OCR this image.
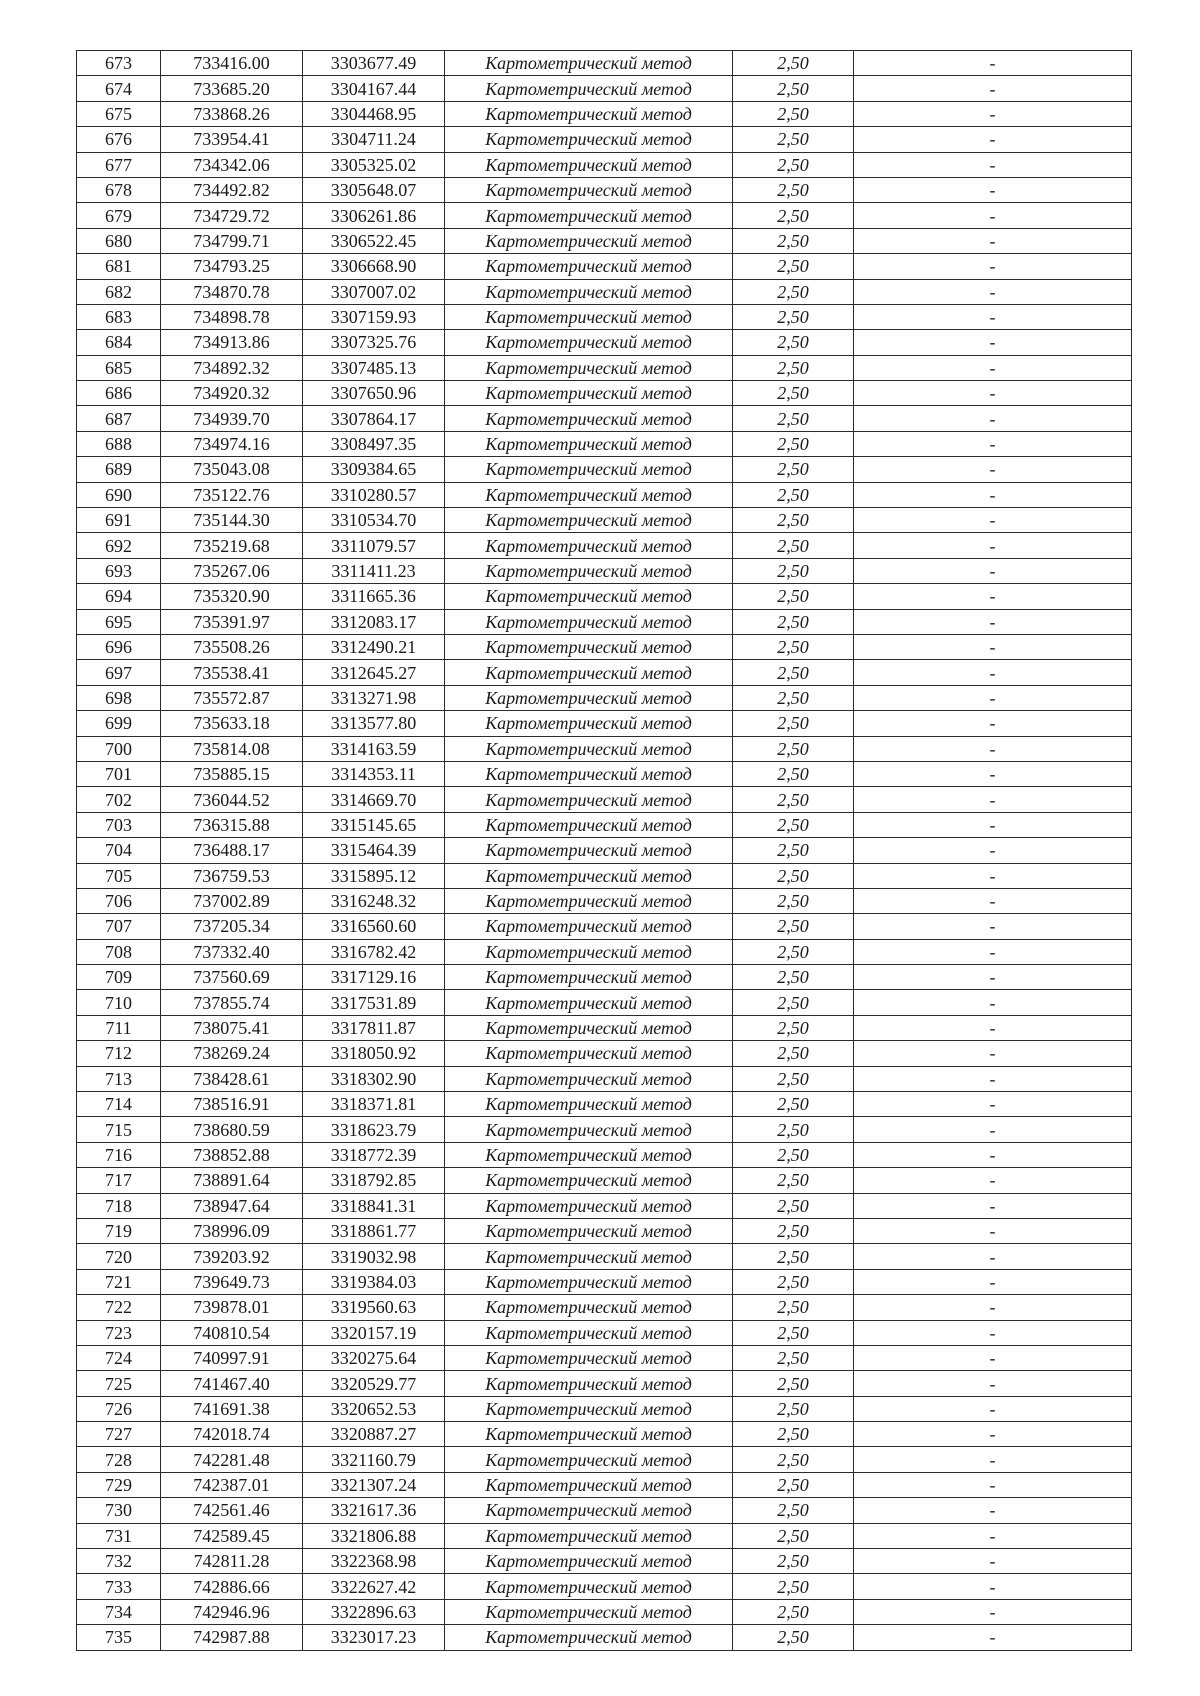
673	733416.00	3303677.49	Картометрический метод	2,50	-
674	733685.20	3304167.44	Картометрический метод	2,50	-
675	733868.26	3304468.95	Картометрический метод	2,50	-
676	733954.41	3304711.24	Картометрический метод	2,50	-
677	734342.06	3305325.02	Картометрический метод	2,50	-
678	734492.82	3305648.07	Картометрический метод	2,50	-
679	734729.72	3306261.86	Картометрический метод	2,50	-
680	734799.71	3306522.45	Картометрический метод	2,50	-
681	734793.25	3306668.90	Картометрический метод	2,50	-
682	734870.78	3307007.02	Картометрический метод	2,50	-
683	734898.78	3307159.93	Картометрический метод	2,50	-
684	734913.86	3307325.76	Картометрический метод	2,50	-
685	734892.32	3307485.13	Картометрический метод	2,50	-
686	734920.32	3307650.96	Картометрический метод	2,50	-
687	734939.70	3307864.17	Картометрический метод	2,50	-
688	734974.16	3308497.35	Картометрический метод	2,50	-
689	735043.08	3309384.65	Картометрический метод	2,50	-
690	735122.76	3310280.57	Картометрический метод	2,50	-
691	735144.30	3310534.70	Картометрический метод	2,50	-
692	735219.68	3311079.57	Картометрический метод	2,50	-
693	735267.06	3311411.23	Картометрический метод	2,50	-
694	735320.90	3311665.36	Картометрический метод	2,50	-
695	735391.97	3312083.17	Картометрический метод	2,50	-
696	735508.26	3312490.21	Картометрический метод	2,50	-
697	735538.41	3312645.27	Картометрический метод	2,50	-
698	735572.87	3313271.98	Картометрический метод	2,50	-
699	735633.18	3313577.80	Картометрический метод	2,50	-
700	735814.08	3314163.59	Картометрический метод	2,50	-
701	735885.15	3314353.11	Картометрический метод	2,50	-
702	736044.52	3314669.70	Картометрический метод	2,50	-
703	736315.88	3315145.65	Картометрический метод	2,50	-
704	736488.17	3315464.39	Картометрический метод	2,50	-
705	736759.53	3315895.12	Картометрический метод	2,50	-
706	737002.89	3316248.32	Картометрический метод	2,50	-
707	737205.34	3316560.60	Картометрический метод	2,50	-
708	737332.40	3316782.42	Картометрический метод	2,50	-
709	737560.69	3317129.16	Картометрический метод	2,50	-
710	737855.74	3317531.89	Картометрический метод	2,50	-
711	738075.41	3317811.87	Картометрический метод	2,50	-
712	738269.24	3318050.92	Картометрический метод	2,50	-
713	738428.61	3318302.90	Картометрический метод	2,50	-
714	738516.91	3318371.81	Картометрический метод	2,50	-
715	738680.59	3318623.79	Картометрический метод	2,50	-
716	738852.88	3318772.39	Картометрический метод	2,50	-
717	738891.64	3318792.85	Картометрический метод	2,50	-
718	738947.64	3318841.31	Картометрический метод	2,50	-
719	738996.09	3318861.77	Картометрический метод	2,50	-
720	739203.92	3319032.98	Картометрический метод	2,50	-
721	739649.73	3319384.03	Картометрический метод	2,50	-
722	739878.01	3319560.63	Картометрический метод	2,50	-
723	740810.54	3320157.19	Картометрический метод	2,50	-
724	740997.91	3320275.64	Картометрический метод	2,50	-
725	741467.40	3320529.77	Картометрический метод	2,50	-
726	741691.38	3320652.53	Картометрический метод	2,50	-
727	742018.74	3320887.27	Картометрический метод	2,50	-
728	742281.48	3321160.79	Картометрический метод	2,50	-
729	742387.01	3321307.24	Картометрический метод	2,50	-
730	742561.46	3321617.36	Картометрический метод	2,50	-
731	742589.45	3321806.88	Картометрический метод	2,50	-
732	742811.28	3322368.98	Картометрический метод	2,50	-
733	742886.66	3322627.42	Картометрический метод	2,50	-
734	742946.96	3322896.63	Картометрический метод	2,50	-
735	742987.88	3323017.23	Картометрический метод	2,50	-
